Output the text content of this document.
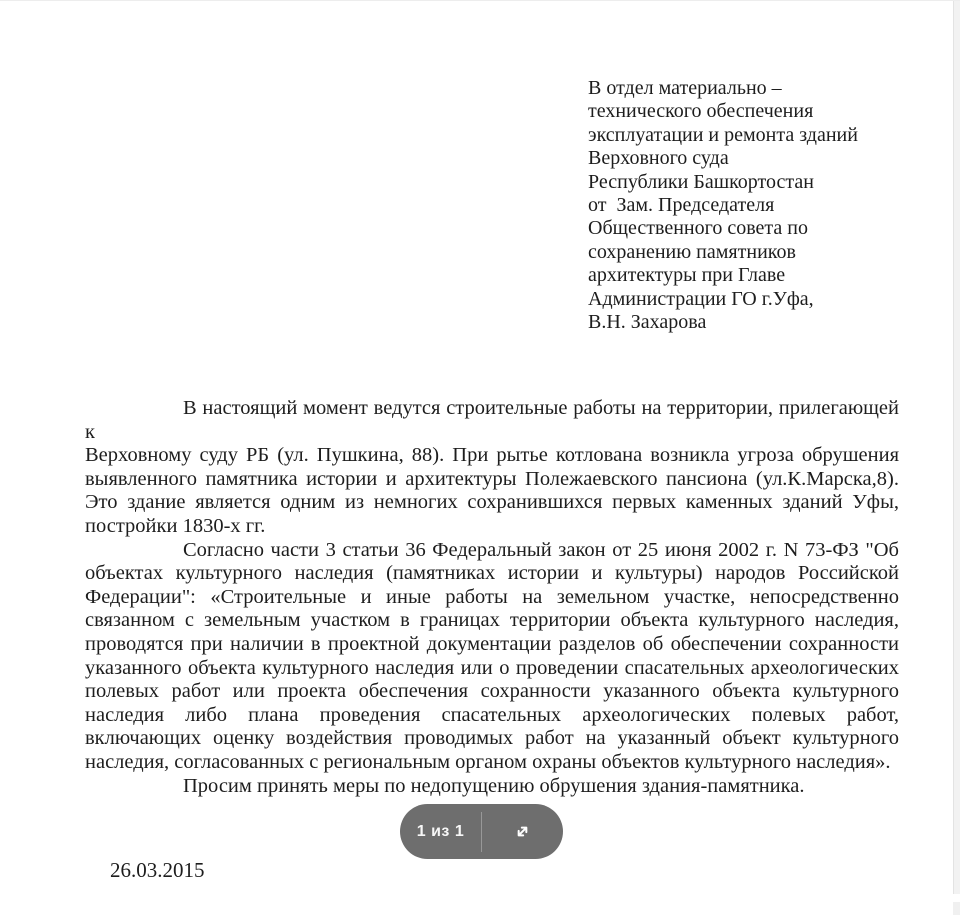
В отдел материально –
технического обеспечения
эксплуатации и ремонта зданий
Верховного суда
Республики Башкортостан
от  Зам. Председателя
Общественного совета по
сохранению памятников
архитектуры при Главе
Администрации ГО г.Уфа,
В.Н. Захарова
В настоящий момент ведутся строительные работы на территории, прилегающей к
Верховному суду РБ (ул. Пушкина, 88). При рытье котлована возникла угроза обрушения
выявленного памятника истории и архитектуры Полежаевского пансиона (ул.К.Марска,8).
Это здание является одним из немногих сохранившихся первых каменных зданий Уфы,
постройки 1830-х гг.
Согласно части 3 статьи 36 Федеральный закон от 25 июня 2002 г. N 73-ФЗ "Об
объектах культурного наследия (памятниках истории и культуры) народов Российской
Федерации": «Строительные и иные работы на земельном участке, непосредственно
связанном с земельным участком в границах территории объекта культурного наследия,
проводятся при наличии в проектной документации разделов об обеспечении сохранности
указанного объекта культурного наследия или о проведении спасательных археологических
полевых работ или проекта обеспечения сохранности указанного объекта культурного
наследия либо плана проведения спасательных археологических полевых работ,
включающих оценку воздействия проводимых работ на указанный объект культурного
наследия, согласованных с региональным органом охраны объектов культурного наследия».
Просим принять меры по недопущению обрушения здания-памятника.
1 из 1
26.03.2015
